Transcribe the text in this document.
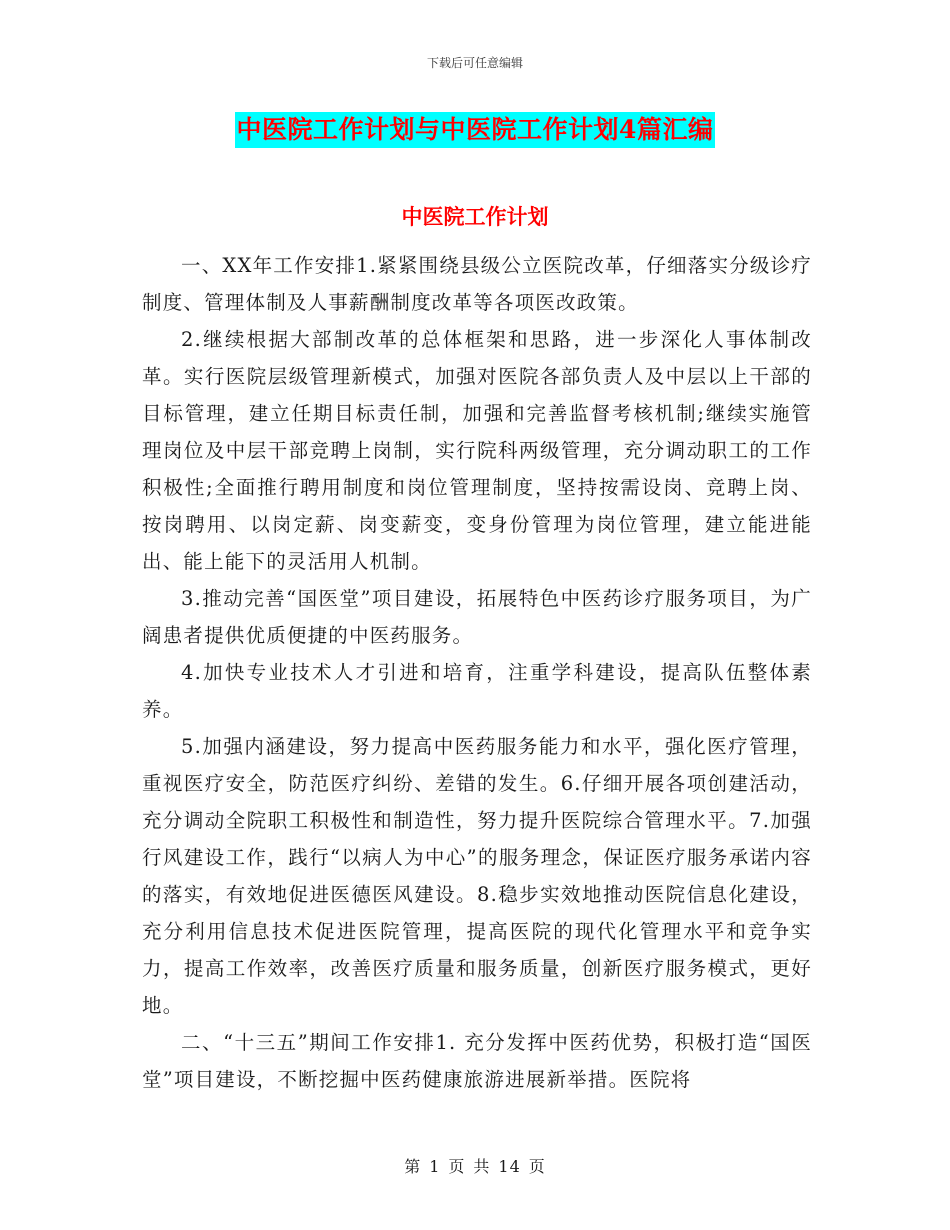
下载后可任意编辑
中医院工作计划与中医院工作计划4篇汇编
中医院工作计划

一、XX年工作安排1.紧紧围绕县级公立医院改革，仔细落实分级诊疗制度、管理体制及人事薪酬制度改革等各项医改政策。

2.继续根据大部制改革的总体框架和思路，进一步深化人事体制改革。实行医院层级管理新模式，加强对医院各部负责人及中层以上干部的目标管理，建立任期目标责任制，加强和完善监督考核机制;继续实施管理岗位及中层干部竞聘上岗制，实行院科两级管理，充分调动职工的工作积极性;全面推行聘用制度和岗位管理制度，坚持按需设岗、竞聘上岗、按岗聘用、以岗定薪、岗变薪变，变身份管理为岗位管理，建立能进能出、能上能下的灵活用人机制。

3.推动完善“国医堂”项目建设，拓展特色中医药诊疗服务项目，为广阔患者提供优质便捷的中医药服务。

4.加快专业技术人才引进和培育，注重学科建设，提高队伍整体素养。

5.加强内涵建设，努力提高中医药服务能力和水平，强化医疗管理，重视医疗安全，防范医疗纠纷、差错的发生。6.仔细开展各项创建活动，充分调动全院职工积极性和制造性，努力提升医院综合管理水平。7.加强行风建设工作，践行“以病人为中心”的服务理念，保证医疗服务承诺内容的落实，有效地促进医德医风建设。8.稳步实效地推动医院信息化建设，充分利用信息技术促进医院管理，提高医院的现代化管理水平和竞争实力，提高工作效率，改善医疗质量和服务质量，创新医疗服务模式，更好地。

二、“十三五”期间工作安排1. 充分发挥中医药优势，积极打造“国医堂”项目建设，不断挖掘中医药健康旅游进展新举措。医院将

第 1 页 共 14 页
